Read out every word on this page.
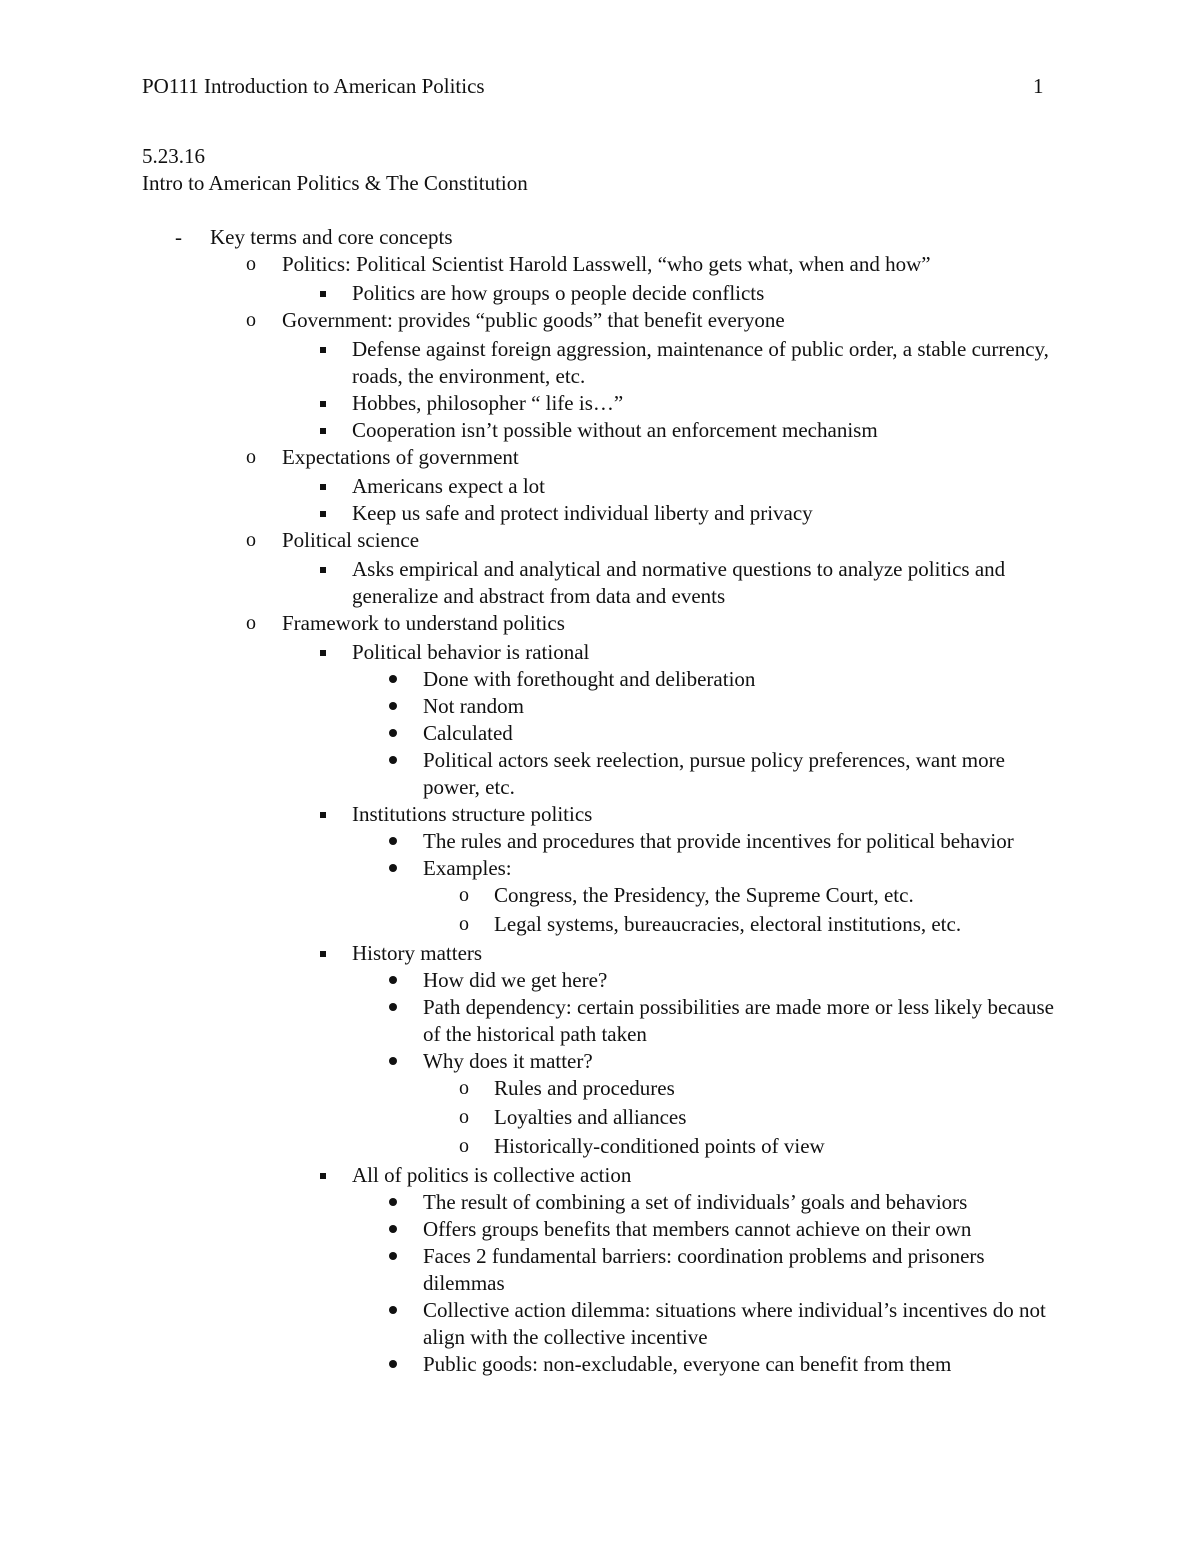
PO111 Introduction to American Politics	1
5.23.16
Intro to American Politics & The Constitution
-	Key terms and core concepts
o	Politics: Political Scientist Harold Lasswell, “who gets what, when and how”
Politics are how groups o people decide conflicts
o	Government: provides “public goods” that benefit everyone
Defense against foreign aggression, maintenance of public order, a stable currency, roads, the environment, etc.
Hobbes, philosopher “ life is…”
Cooperation isn’t possible without an enforcement mechanism
o	Expectations of government
Americans expect a lot
Keep us safe and protect individual liberty and privacy
o	Political science
Asks empirical and analytical and normative questions to analyze politics and generalize and abstract from data and events
o	Framework to understand politics
Political behavior is rational
Done with forethought and deliberation
Not random
Calculated
Political actors seek reelection, pursue policy preferences, want more power, etc.
Institutions structure politics
The rules and procedures that provide incentives for political behavior
Examples:
o	Congress, the Presidency, the Supreme Court, etc.
o	Legal systems, bureaucracies, electoral institutions, etc.
History matters
How did we get here?
Path dependency: certain possibilities are made more or less likely because of the historical path taken
Why does it matter?
o	Rules and procedures
o	Loyalties and alliances
o	Historically-conditioned points of view
All of politics is collective action
The result of combining a set of individuals’ goals and behaviors
Offers groups benefits that members cannot achieve on their own
Faces 2 fundamental barriers: coordination problems and prisoners dilemmas
Collective action dilemma: situations where individual’s incentives do not align with the collective incentive
Public goods: non-excludable, everyone can benefit from them
